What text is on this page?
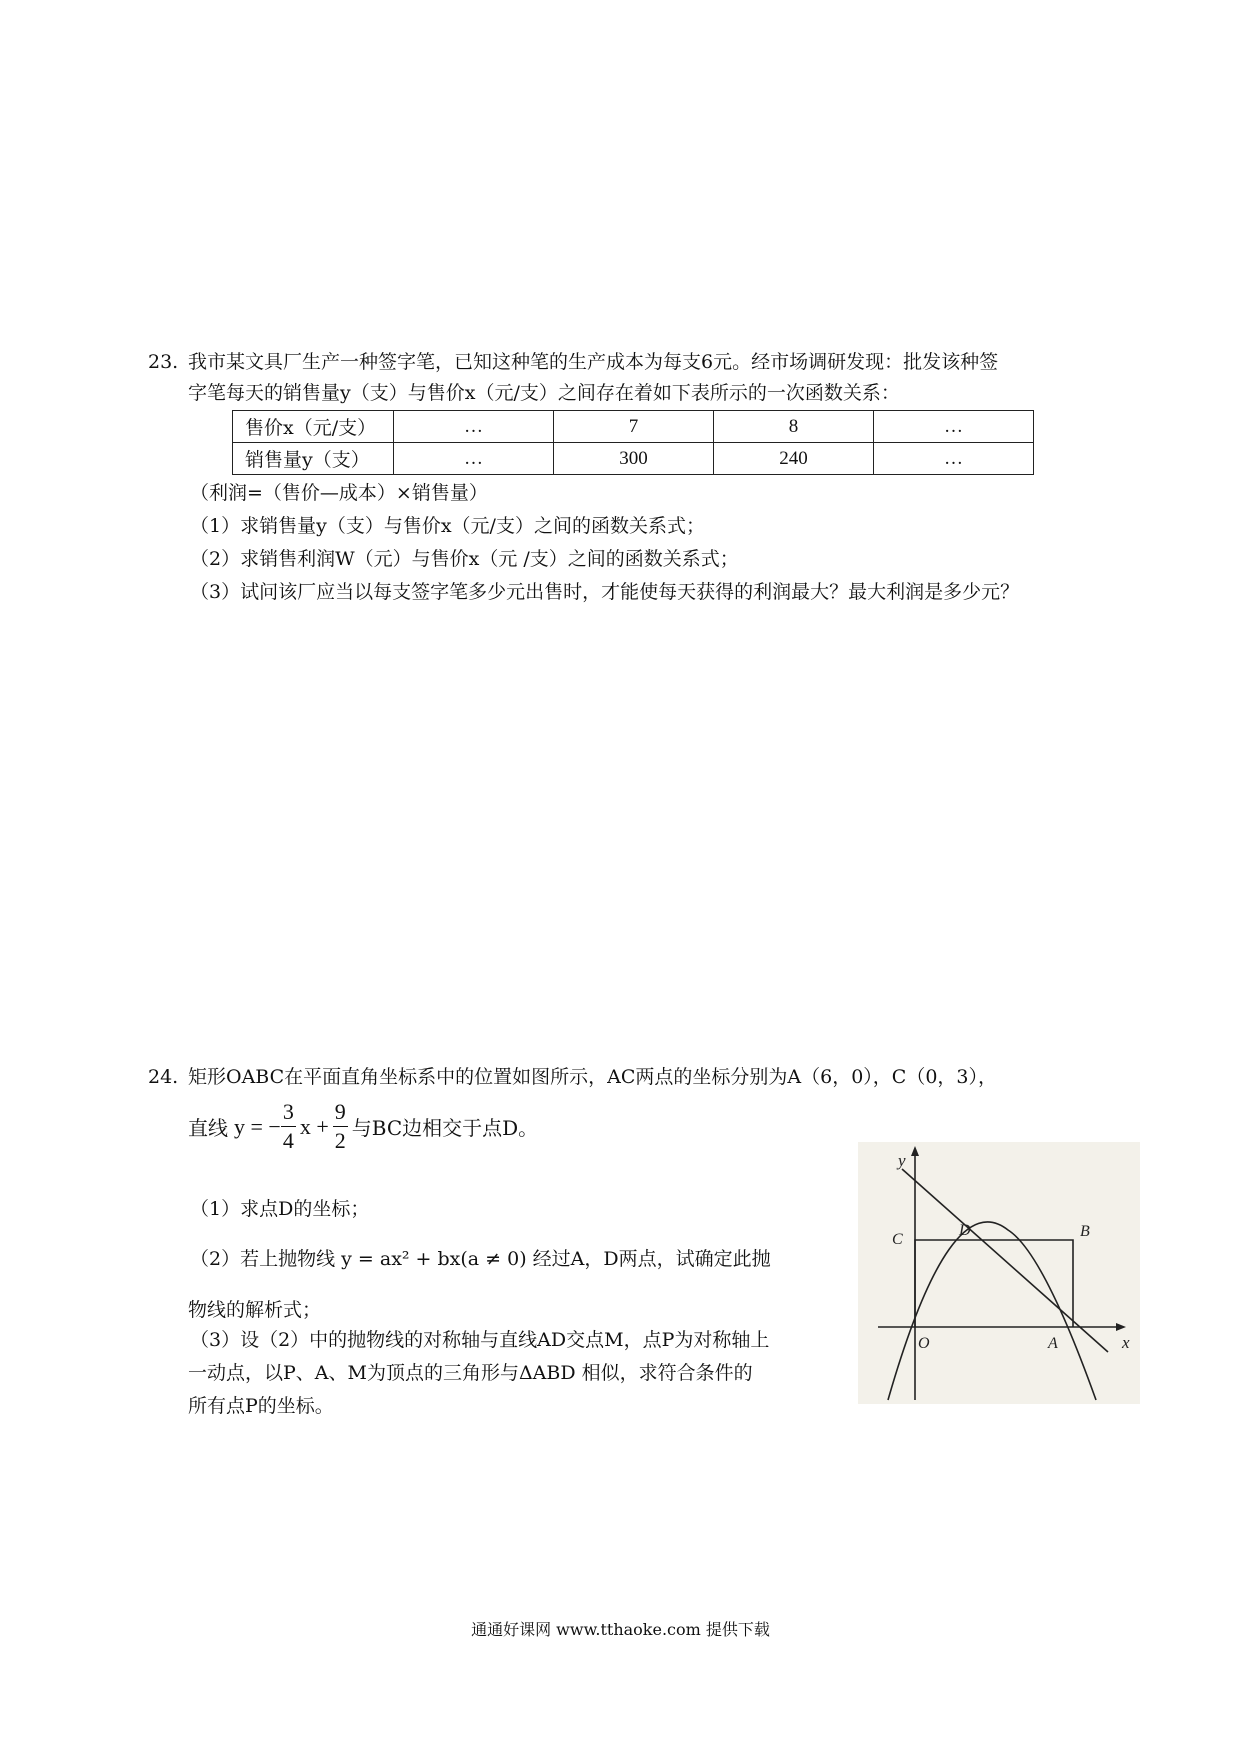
23. 我市某文具厂生产一种签字笔，已知这种笔的生产成本为每支6元。经市场调研发现：批发该种签
字笔每天的销售量y（支）与售价x（元/支）之间存在着如下表所示的一次函数关系：
售价x（元/支）	…	7	8	…
销售量y（支）	…	300	240	…
（利润=（售价—成本）×销售量）
（1）求销售量y（支）与售价x（元/支）之间的函数关系式；
（2）求销售利润W（元）与售价x（元 /支）之间的函数关系式；
（3）试问该厂应当以每支签字笔多少元出售时，才能使每天获得的利润最大？最大利润是多少元？
24. 矩形OABC在平面直角坐标系中的位置如图所示，AC两点的坐标分别为A（6，0），C（0，3），
直线 y = − $\frac{3}{4}$ $x + \frac{9}{2}$ 与BC边相交于点D。
（1）求点D的坐标；
（2）若上抛物线 y = ax² + bx(a ≠ 0) 经过A，D两点，试确定此抛
物线的解析式；
（3）设（2）中的抛物线的对称轴与直线AD交点M，点P为对称轴上
一动点，以P、A、M为顶点的三角形与ΔABD 相似，求符合条件的
所有点P的坐标。
y
x
O	A
B
C
D
通通好课网 www.tthaoke.com 提供下载
